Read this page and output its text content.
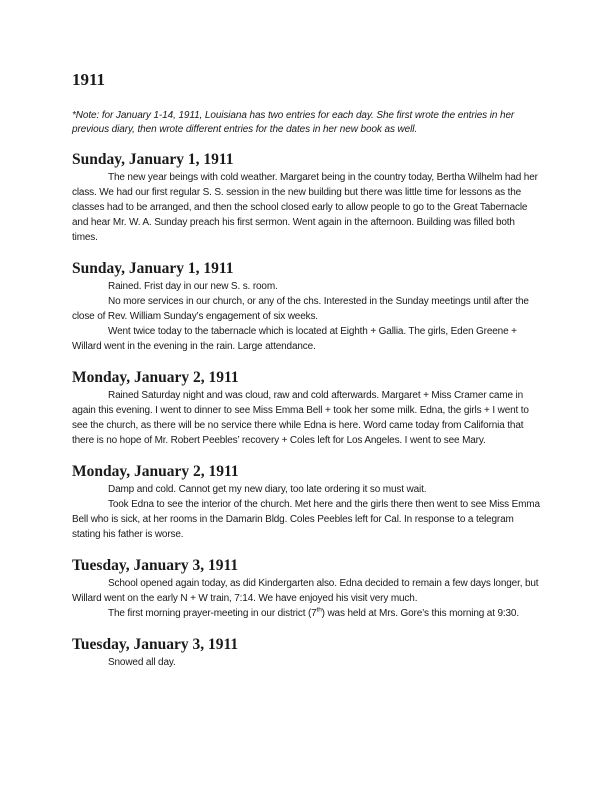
1911

*Note: for January 1-14, 1911, Louisiana has two entries for each day. She first wrote the entries in her previous diary, then wrote different entries for the dates in her new book as well.

Sunday, January 1, 1911

The new year beings with cold weather. Margaret being in the country today, Bertha Wilhelm had her class. We had our first regular S. S. session in the new building but there was little time for lessons as the classes had to be arranged, and then the school closed early to allow people to go to the Great Tabernacle and hear Mr. W. A. Sunday preach his first sermon. Went again in the afternoon. Building was filled both times.

Sunday, January 1, 1911

Rained. Frist day in our new S. s. room.

No more services in our church, or any of the chs. Interested in the Sunday meetings until after the close of Rev. William Sunday’s engagement of six weeks.

Went twice today to the tabernacle which is located at Eighth + Gallia. The girls, Eden Greene + Willard went in the evening in the rain. Large attendance.

Monday, January 2, 1911

Rained Saturday night and was cloud, raw and cold afterwards. Margaret + Miss Cramer came in again this evening. I went to dinner to see Miss Emma Bell + took her some milk. Edna, the girls + I went to see the church, as there will be no service there while Edna is here. Word came today from California that there is no hope of Mr. Robert Peebles’ recovery + Coles left for Los Angeles. I went to see Mary.

Monday, January 2, 1911

Damp and cold. Cannot get my new diary, too late ordering it so must wait.

Took Edna to see the interior of the church. Met here and the girls there then went to see Miss Emma Bell who is sick, at her rooms in the Damarin Bldg. Coles Peebles left for Cal. In response to a telegram stating his father is worse.

Tuesday, January 3, 1911

School opened again today, as did Kindergarten also. Edna decided to remain a few days longer, but Willard went on the early N + W train, 7:14. We have enjoyed his visit very much.

The first morning prayer-meeting in our district (7th) was held at Mrs. Gore’s this morning at 9:30.

Tuesday, January 3, 1911

Snowed all day.
